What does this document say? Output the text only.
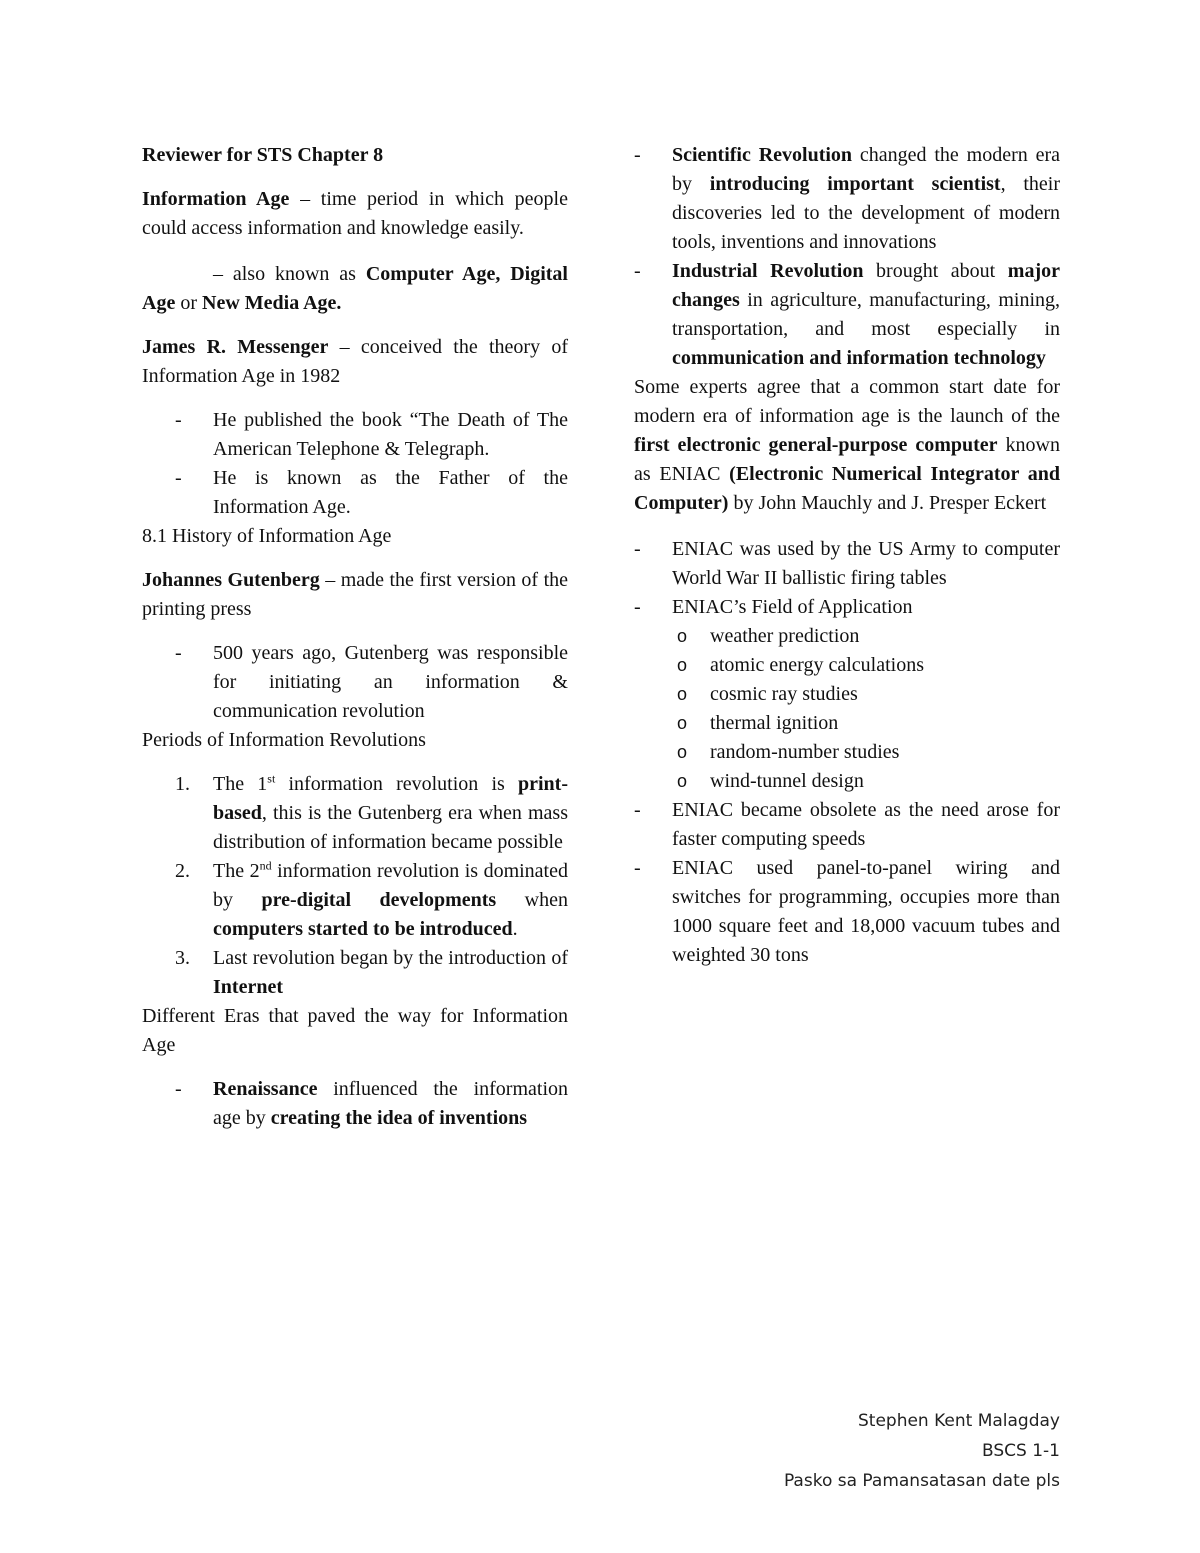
Reviewer for STS Chapter 8

Information Age – time period in which people could access information and knowledge easily.

– also known as Computer Age, Digital Age or New Media Age.

James R. Messenger – conceived the theory of Information Age in 1982

- He published the book “The Death of The American Telephone & Telegraph.
- He is known as the Father of the Information Age.

8.1 History of Information Age

Johannes Gutenberg – made the first version of the printing press

- 500 years ago, Gutenberg was responsible for initiating an information & communication revolution

Periods of Information Revolutions

1. The 1st information revolution is print-based, this is the Gutenberg era when mass distribution of information became possible
2. The 2nd information revolution is dominated by pre-digital developments when computers started to be introduced.
3. Last revolution began by the introduction of Internet

Different Eras that paved the way for Information Age

- Renaissance influenced the information age by creating the idea of inventions
- Scientific Revolution changed the modern era by introducing important scientist, their discoveries led to the development of modern tools, inventions and innovations
- Industrial Revolution brought about major changes in agriculture, manufacturing, mining, transportation, and most especially in communication and information technology

Some experts agree that a common start date for modern era of information age is the launch of the first electronic general-purpose computer known as ENIAC (Electronic Numerical Integrator and Computer) by John Mauchly and J. Presper Eckert

- ENIAC was used by the US Army to computer World War II ballistic firing tables
- ENIAC’s Field of Application
o weather prediction
o atomic energy calculations
o cosmic ray studies
o thermal ignition
o random-number studies
o wind-tunnel design
- ENIAC became obsolete as the need arose for faster computing speeds
- ENIAC used panel-to-panel wiring and switches for programming, occupies more than 1000 square feet and 18,000 vacuum tubes and weighted 30 tons
Stephen Kent Malagday
BSCS 1-1
Pasko sa Pamansatasan date pls
